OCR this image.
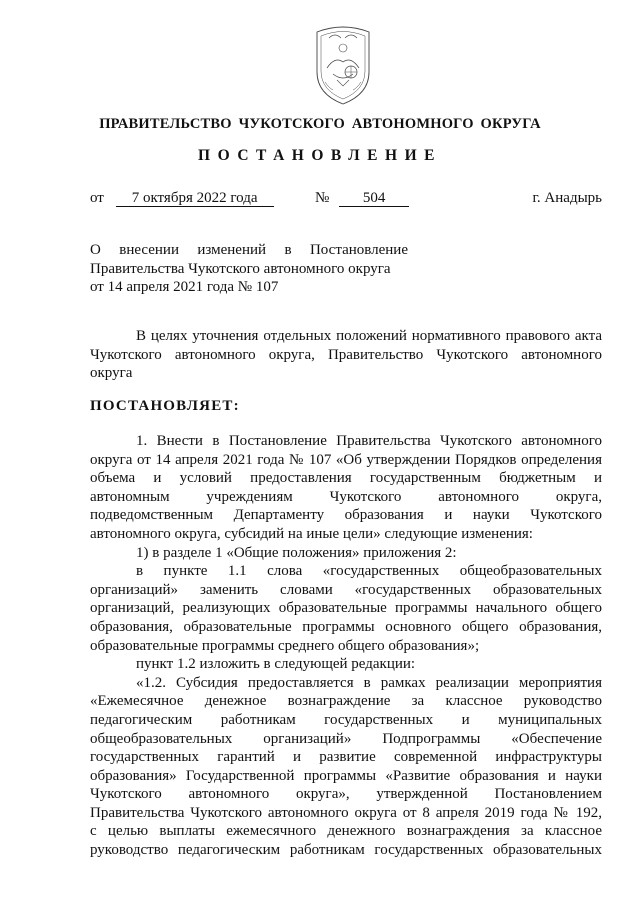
ПРАВИТЕЛЬСТВО ЧУКОТСКОГО АВТОНОМНОГО ОКРУГА
ПОСТАНОВЛЕНИЕ
от 7 октября 2022 года	№ 504	г. Анадырь
О внесении изменений в Постановление
Правительства Чукотского автономного округа
от 14 апреля 2021 года № 107
В целях уточнения отдельных положений нормативного правового акта
Чукотского автономного округа, Правительство Чукотского автономного
округа
ПОСТАНОВЛЯЕТ:
1. Внести в Постановление Правительства Чукотского автономного
округа от 14 апреля 2021 года № 107 «Об утверждении Порядков определения
объема и условий предоставления государственным бюджетным и
автономным учреждениям Чукотского автономного округа,
подведомственным Департаменту образования и науки Чукотского
автономного округа, субсидий на иные цели» следующие изменения:
1) в разделе 1 «Общие положения» приложения 2:
в пункте 1.1 слова «государственных общеобразовательных
организаций» заменить словами «государственных образовательных
организаций, реализующих образовательные программы начального общего
образования, образовательные программы основного общего образования,
образовательные программы среднего общего образования»;
пункт 1.2 изложить в следующей редакции:
«1.2. Субсидия предоставляется в рамках реализации мероприятия
«Ежемесячное денежное вознаграждение за классное руководство
педагогическим работникам государственных и муниципальных
общеобразовательных организаций» Подпрограммы «Обеспечение
государственных гарантий и развитие современной инфраструктуры
образования» Государственной программы «Развитие образования и науки
Чукотского автономного округа», утвержденной Постановлением
Правительства Чукотского автономного округа от 8 апреля 2019 года № 192,
с целью выплаты ежемесячного денежного вознаграждения за классное
руководство педагогическим работникам государственных образовательных
